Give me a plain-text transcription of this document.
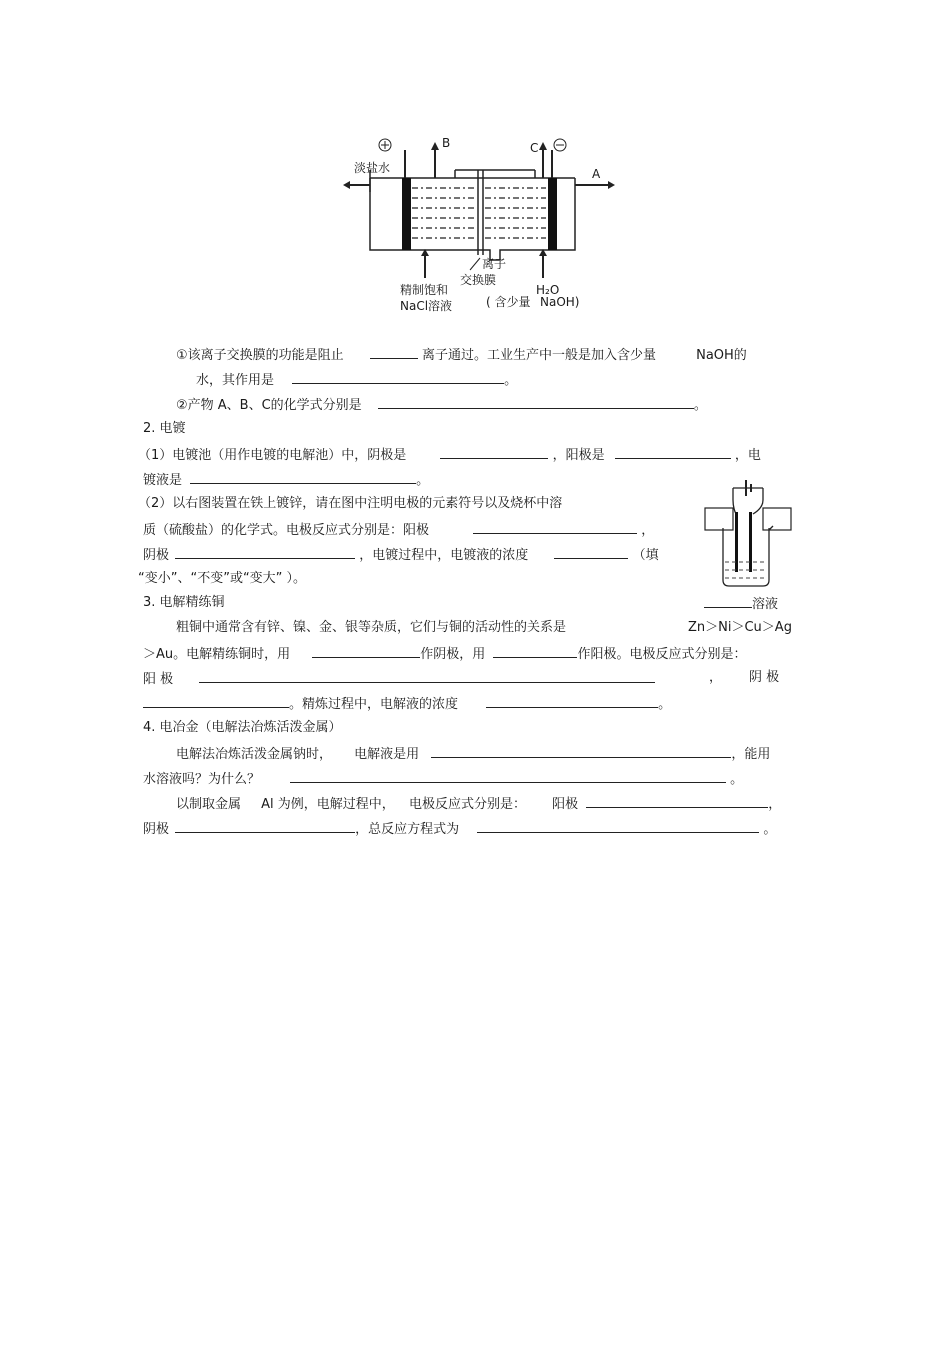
B	C
淡盐水	A
离子
交换膜
精制饱和
NaCl溶液
H₂O
( 含少量 NaOH)
①该离子交换膜的功能是阻止	离子通过。工业生产中一般是加入含少量	NaOH的
水，其作用是	。
②产物 A、B、C的化学式分别是	。
2. 电镀
（1）电镀池（用作电镀的电解池）中，阴极是	，阳极是	，电
镀液是	。
（2）以右图装置在铁上镀锌，请在图中注明电极的元素符号以及烧杯中溶
质（硫酸盐）的化学式。电极反应式分别是：阳极	，
阴极	，电镀过程中，电镀液的浓度	（填
“变小”、“不变”或“变大” ）。
3. 电解精练铜	溶液
粗铜中通常含有锌、镍、金、银等杂质，它们与铜的活动性的关系是	Zn＞Ni＞Cu＞Ag
＞Au。电解精练铜时，用	作阴极，用	作阳极。电极反应式分别是：
阳 极	， 阴 极
。精炼过程中，电解液的浓度	。
4. 电冶金（电解法冶炼活泼金属）
电解法冶炼活泼金属钠时， 电解液是用	，能用
水溶液吗？为什么？	。
以制取金属 Al 为例，电解过程中， 电极反应式分别是： 阳极	，
阴极	，总反应方程式为	。
